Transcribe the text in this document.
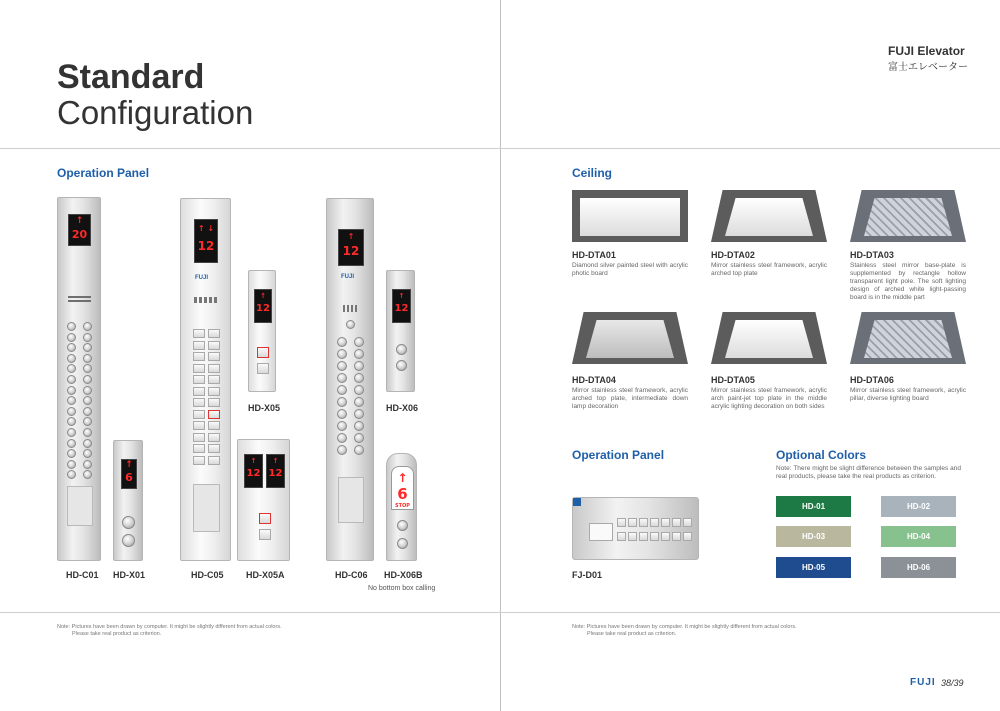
Standard
Configuration
FUJI Elevator
富士エレベーター
Operation Panel
↑
20
HD-C01
↑
6
HD-X01
↑ ↓
12
FUJI
HD-C05
↑
12
HD-X05
↑
12
↑
12
HD-X05A
↑
12
FUJI
HD-C06
↑
12
HD-X06
↑
6
STOP
HD-X06B
No bottom box calling
Note: Pictures have been drawn by computer. It might be slightly different from actual colors.
Please take real product as criterion.
Ceiling
HD-DTA01
Diamond silver painted steel with acrylic photic board
HD-DTA02
Mirror stainless steel framework, acrylic arched top plate
HD-DTA03
Stainless steel mirror base-plate is supplemented by rectangle hollow transparent light pole. The soft lighting design of arched white light-passing board is in the middle part
HD-DTA04
Mirror stainless steel framework, acrylic arched top plate, intermediate down lamp decoration
HD-DTA05
Mirror stainless steel framework, acrylic arch paint-jet top plate in the middle acrylic lighting decoration on both sides
HD-DTA06
Mirror stainless steel framework, acrylic pillar, diverse lighting board
Operation Panel
FJ-D01
Optional Colors
Note: There might be slight difference between the samples and real products, please take the real products as criterion.
HD-01	HD-02
HD-03	HD-04
HD-05	HD-06
Note: Pictures have been drawn by computer. It might be slightly different from actual colors.
Please take real product as criterion.
FUJI 38/39
